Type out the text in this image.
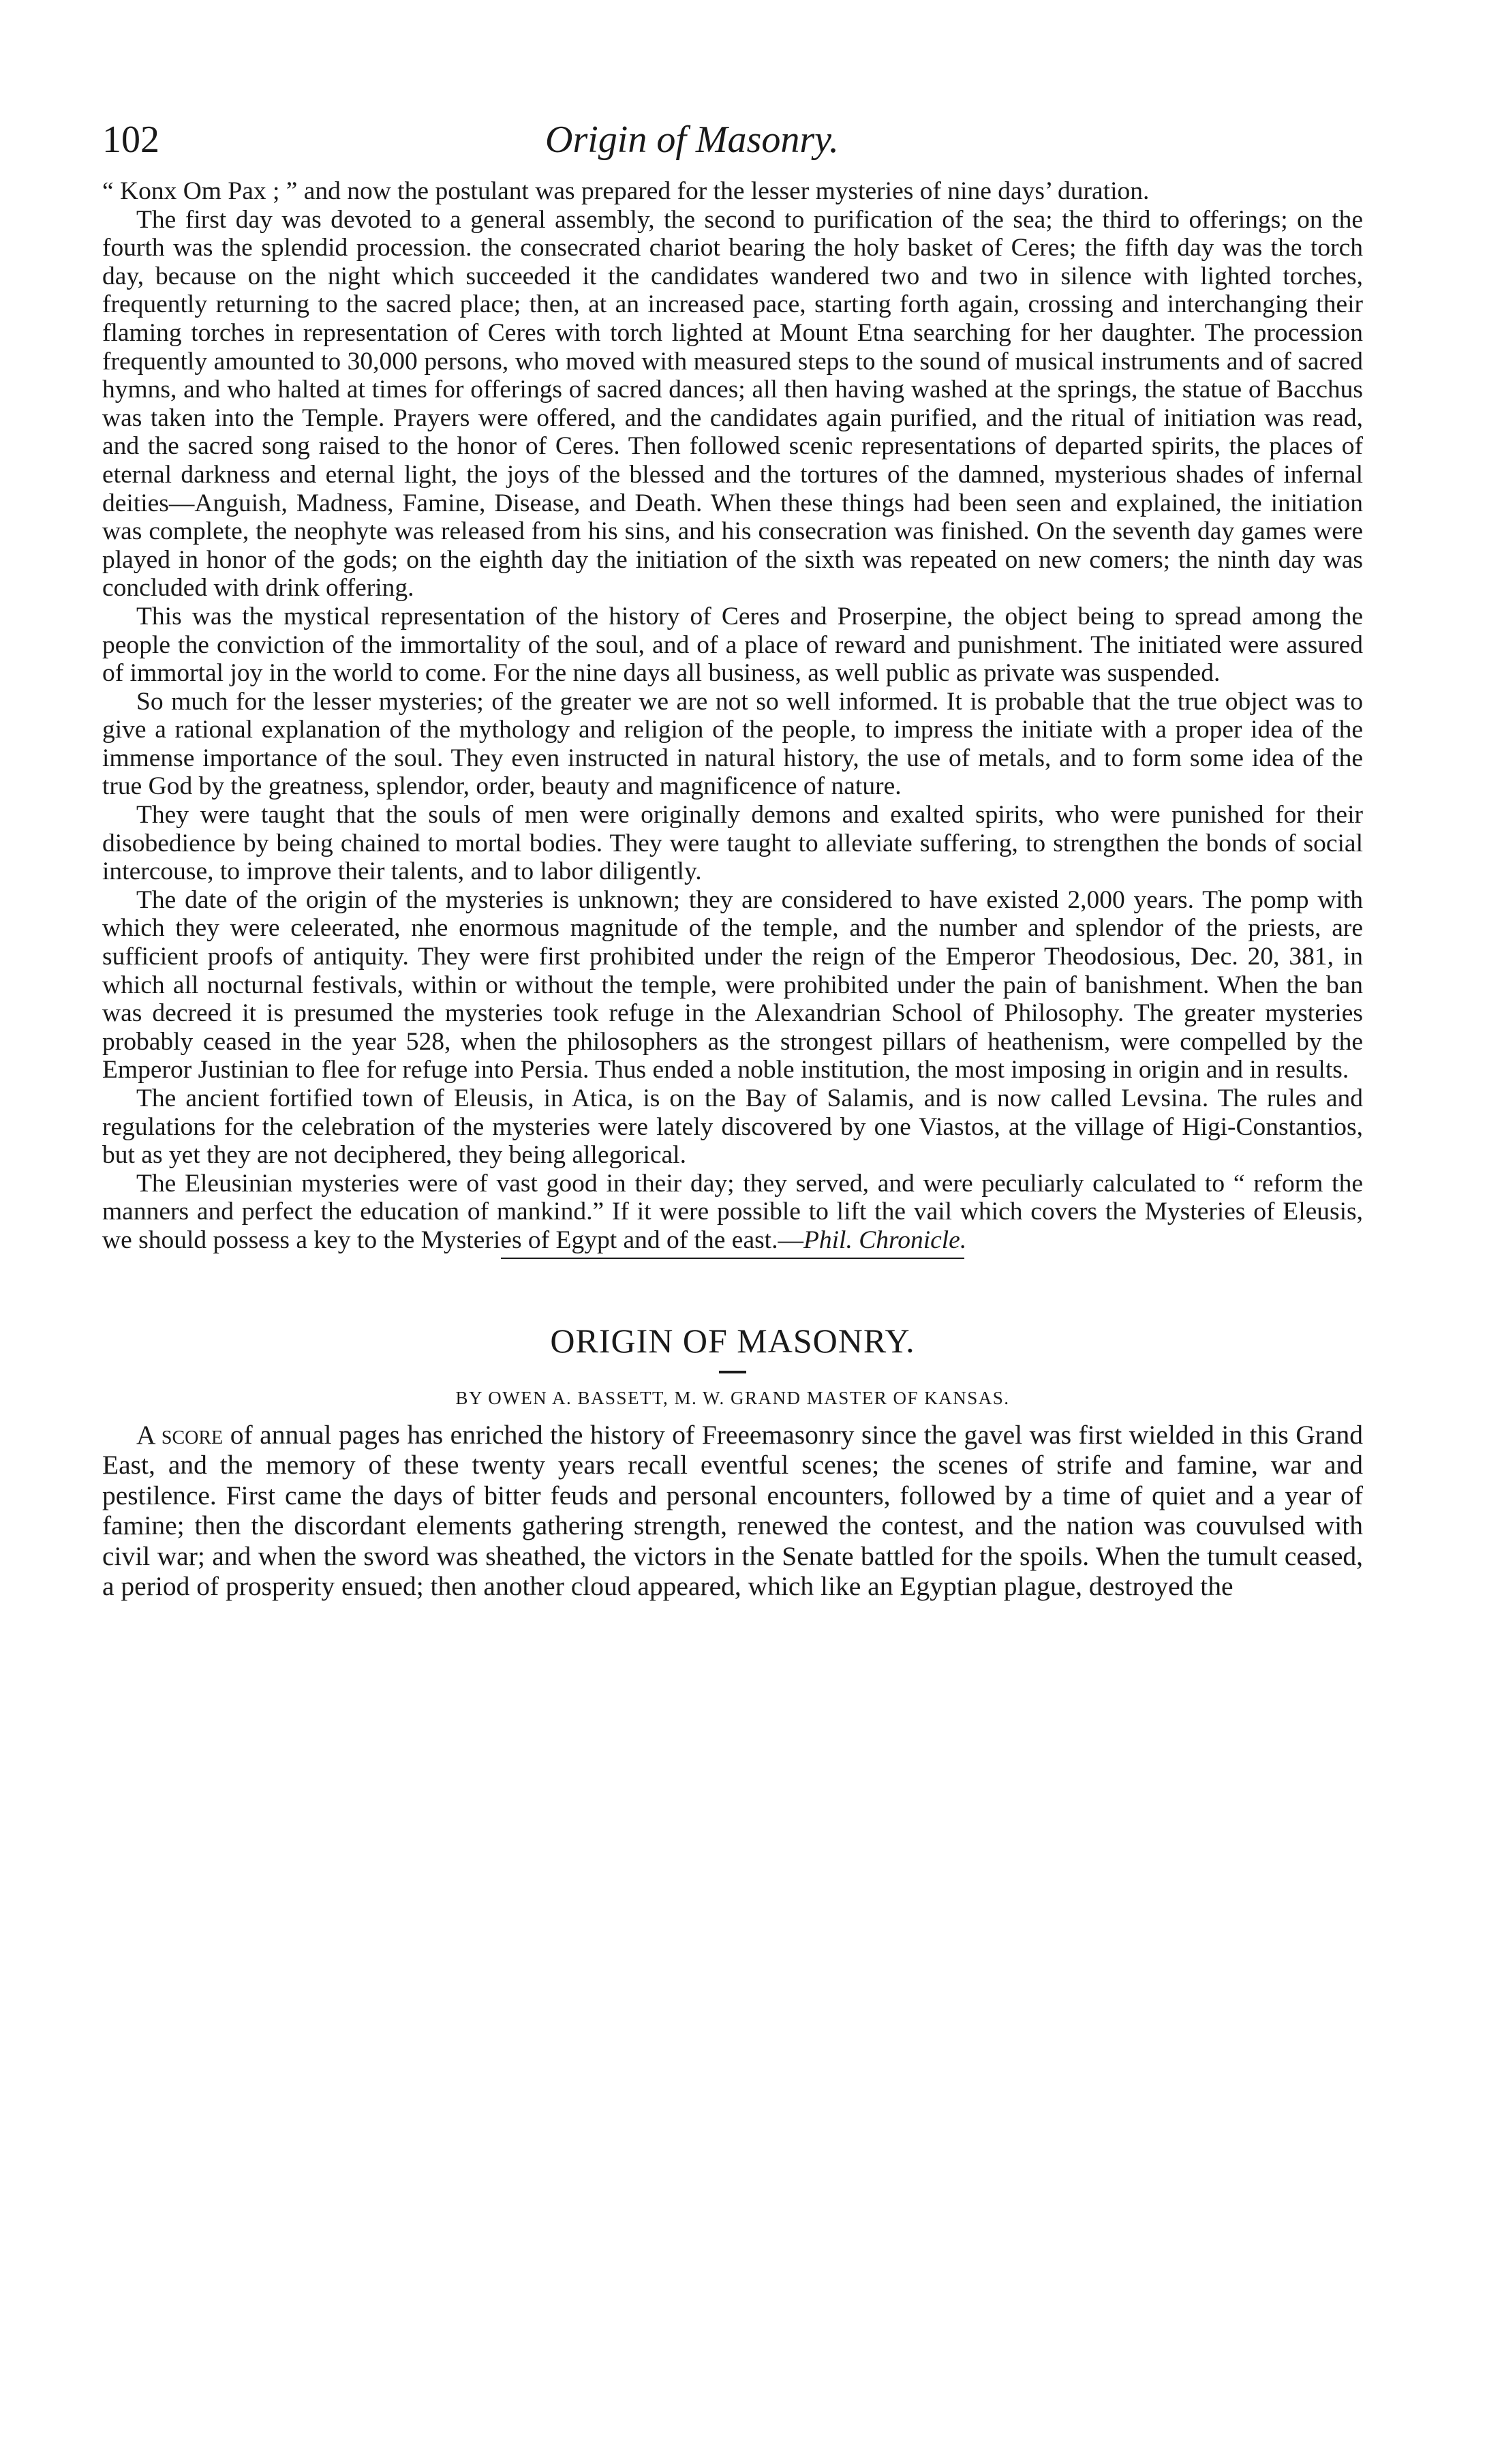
102	Origin of Masonry.

“ Konx Om Pax ; ” and now the postulant was prepared for the lesser mysteries of nine days’ duration.

The first day was devoted to a general assembly, the second to purification of the sea; the third to offerings; on the fourth was the splendid procession. the consecrated chariot bearing the holy basket of Ceres; the fifth day was the torch day, because on the night which succeeded it the candidates wandered two and two in silence with lighted torches, frequently returning to the sacred place; then, at an increased pace, starting forth again, crossing and interchanging their flaming torches in representation of Ceres with torch lighted at Mount Etna searching for her daughter. The procession frequently amounted to 30,000 persons, who moved with measured steps to the sound of musical instruments and of sacred hymns, and who halted at times for offerings of sacred dances; all then having washed at the springs, the statue of Bacchus was taken into the Temple. Prayers were offered, and the candidates again purified, and the ritual of initiation was read, and the sacred song raised to the honor of Ceres. Then followed scenic representations of departed spirits, the places of eternal darkness and eternal light, the joys of the blessed and the tortures of the damned, mysterious shades of infernal deities—Anguish, Madness, Famine, Disease, and Death. When these things had been seen and explained, the initiation was complete, the neophyte was released from his sins, and his consecration was finished. On the seventh day games were played in honor of the gods; on the eighth day the initiation of the sixth was repeated on new comers; the ninth day was concluded with drink offering.

This was the mystical representation of the history of Ceres and Proserpine, the object being to spread among the people the conviction of the immortality of the soul, and of a place of reward and punishment. The initiated were assured of immortal joy in the world to come. For the nine days all business, as well public as private was suspended.

So much for the lesser mysteries; of the greater we are not so well informed. It is probable that the true object was to give a rational explanation of the mythology and religion of the people, to impress the initiate with a proper idea of the immense importance of the soul. They even instructed in natural history, the use of metals, and to form some idea of the true God by the greatness, splendor, order, beauty and magnificence of nature.

They were taught that the souls of men were originally demons and exalted spirits, who were punished for their disobedience by being chained to mortal bodies. They were taught to alleviate suffering, to strengthen the bonds of social intercouse, to improve their talents, and to labor diligently.

The date of the origin of the mysteries is unknown; they are considered to have existed 2,000 years. The pomp with which they were celeerated, nhe enormous magnitude of the temple, and the number and splendor of the priests, are sufficient proofs of antiquity. They were first prohibited under the reign of the Emperor Theodosious, Dec. 20, 381, in which all nocturnal festivals, within or without the temple, were prohibited under the pain of banishment. When the ban was decreed it is presumed the mysteries took refuge in the Alexandrian School of Philosophy. The greater mysteries probably ceased in the year 528, when the philosophers as the strongest pillars of heathenism, were compelled by the Emperor Justinian to flee for refuge into Persia. Thus ended a noble institution, the most imposing in origin and in results.

The ancient fortified town of Eleusis, in Atica, is on the Bay of Salamis, and is now called Levsina. The rules and regulations for the celebration of the mysteries were lately discovered by one Viastos, at the village of Higi-Constantios, but as yet they are not deciphered, they being allegorical.

The Eleusinian mysteries were of vast good in their day; they served, and were peculiarly calculated to “ reform the manners and perfect the education of mankind.” If it were possible to lift the vail which covers the Mysteries of Eleusis, we should possess a key to the Mysteries of Egypt and of the east.—Phil. Chronicle.

ORIGIN OF MASONRY.
BY OWEN A. BASSETT, M. W. GRAND MASTER OF KANSAS.

A score of annual pages has enriched the history of Freeemasonry since the gavel was first wielded in this Grand East, and the memory of these twenty years recall eventful scenes; the scenes of strife and famine, war and pestilence. First came the days of bitter feuds and personal encounters, followed by a time of quiet and a year of famine; then the discordant elements gathering strength, renewed the contest, and the nation was couvulsed with civil war; and when the sword was sheathed, the victors in the Senate battled for the spoils. When the tumult ceased, a period of prosperity ensued; then another cloud appeared, which like an Egyptian plague, destroyed the
